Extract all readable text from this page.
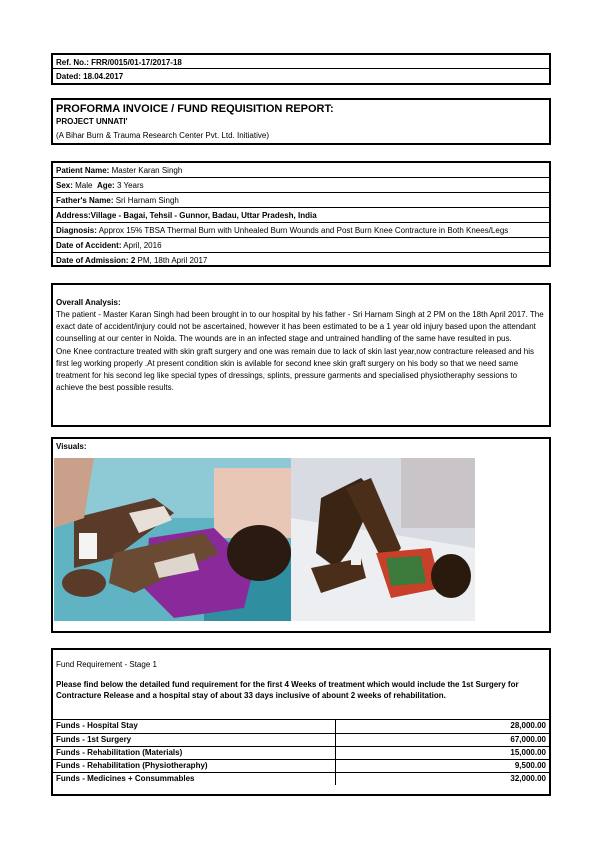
Ref. No.: FRR/0015/01-17/2017-18
Dated: 18.04.2017
PROFORMA INVOICE / FUND REQUISITION REPORT:
PROJECT UNNATI'
(A Bihar Burn & Trauma Research Center Pvt. Ltd. Initiative)
Patient Name: Master Karan Singh
Sex: Male Age: 3 Years
Father's Name: Sri Harnam Singh
Address:Village - Bagai, Tehsil - Gunnor, Badau, Uttar Pradesh, India
Diagnosis: Approx 15% TBSA Thermal Burn with Unhealed Burn Wounds and Post Burn Knee Contracture in Both Knees/Legs
Date of Accident: April, 2016
Date of Admission: 2 PM, 18th April 2017
Overall Analysis:

The patient - Master Karan Singh had been brought in to our hospital by his father - Sri Harnam Singh at 2 PM on the 18th April 2017. The exact date of accident/injury could not be ascertained, however it has been estimated to be a 1 year old injury based upon the attendant counselling at our center in Noida. The wounds are in an infected stage and untrained handling of the same have resulted in pus.

One Knee contracture treated with skin graft surgery and one was remain due to lack of skin last year,now contracture released and his first leg working properly .At present condition skin is avilable for second knee skin graft surgery on his body so that we need same treatment for his second leg like special types of dressings, splints, pressure garments and specialised physiotheraphy sessions to achieve the best possible results.

Visuals:
Fund Requirement - Stage 1
Please find below the detailed fund requirement for the first 4 Weeks of treatment which would include the 1st Surgery for Contracture Release and a hospital stay of about 33 days inclusive of abount 2 weeks of rehabilitation.
Funds - Hospital Stay	28,000.00
Funds - 1st Surgery	67,000.00
Funds - Rehabilitation (Materials)	15,000.00
Funds - Rehabilitation (Physiotheraphy)	9,500.00
Funds - Medicines + Consummables	32,000.00
